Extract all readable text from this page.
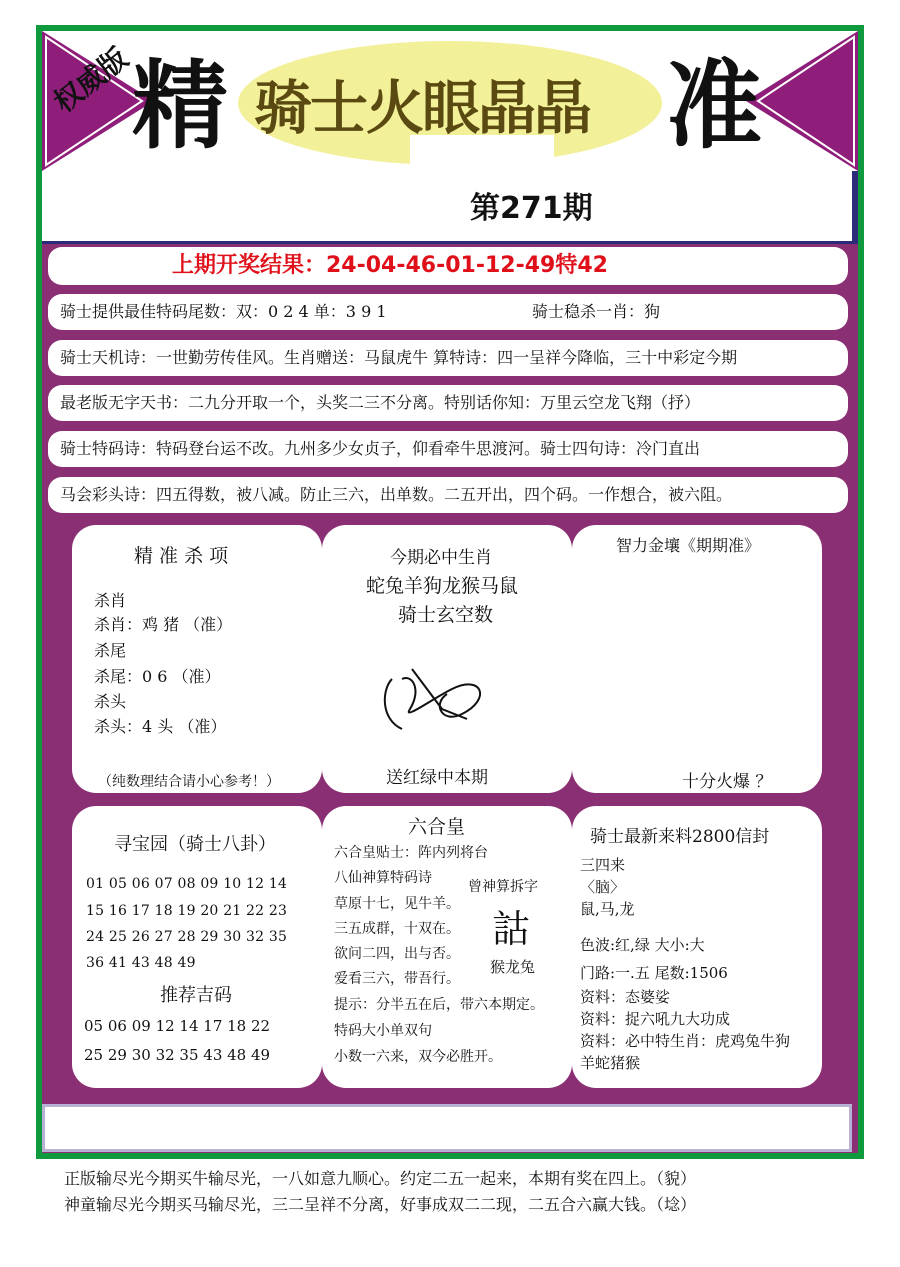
权威版
精 骑士火眼晶晶 准
第271期
上期开奖结果：24-04-46-01-12-49特42
骑士提供最佳特码尾数：双：0 2 4 单：3 9 1	骑士稳杀一肖：狗
骑士天机诗：一世勤劳传佳风。生肖赠送：马鼠虎牛 算特诗：四一呈祥今降临，三十中彩定今期
最老版无字天书：二九分开取一个，头奖二三不分离。特别话你知：万里云空龙飞翔（抒）
骑士特码诗：特码登台运不改。九州多少女贞子，仰看牵牛思渡河。骑士四句诗：冷门直出
马会彩头诗：四五得数，被八减。防止三六，出单数。二五开出，四个码。一作想合，被六阻。
精 准 杀 项
杀肖
杀肖：鸡 猪 （准）
杀尾
杀尾：0 6 （准）
杀头
杀头：4 头 （准）
（纯数理结合请小心参考！）
今期必中生肖
蛇兔羊狗龙猴马鼠
骑士玄空数
送红绿中本期
智力金壤《期期准》
十分火爆 ？
寻宝园（骑士八卦）
01 05 06 07 08 09 10 12 14
15 16 17 18 19 20 21 22 23
24 25 26 27 28 29 30 32 35
36 41 43 48 49
推荐吉码
05 06 09 12 14 17 18 22
25 29 30 32 35 43 48 49
六合皇
六合皇贴士：阵内列将台
八仙神算特码诗
草原十七，见牛羊。
三五成群，十双在。
欲问二四，出与否。
爱看三六，带吾行。
提示：分半五在后，带六本期定。
特码大小单双句
小数一六来，双今必胜开。
曾神算拆字
詁
猴龙兔
骑士最新来料2800信封
三四来
〈脑〉
鼠,马,龙
色波:红,绿 大小:大
门路:一.五 尾数:1506
资料：态婆娑
资料：捉六吼九大功成
资料：必中特生肖：虎鸡兔牛狗
羊蛇猪猴
正版输尽光今期买牛输尽光，一八如意九顺心。约定二五一起来，本期有奖在四上。（貌）
神童输尽光今期买马输尽光，三二呈祥不分离，好事成双二二现，二五合六赢大钱。（埝）
